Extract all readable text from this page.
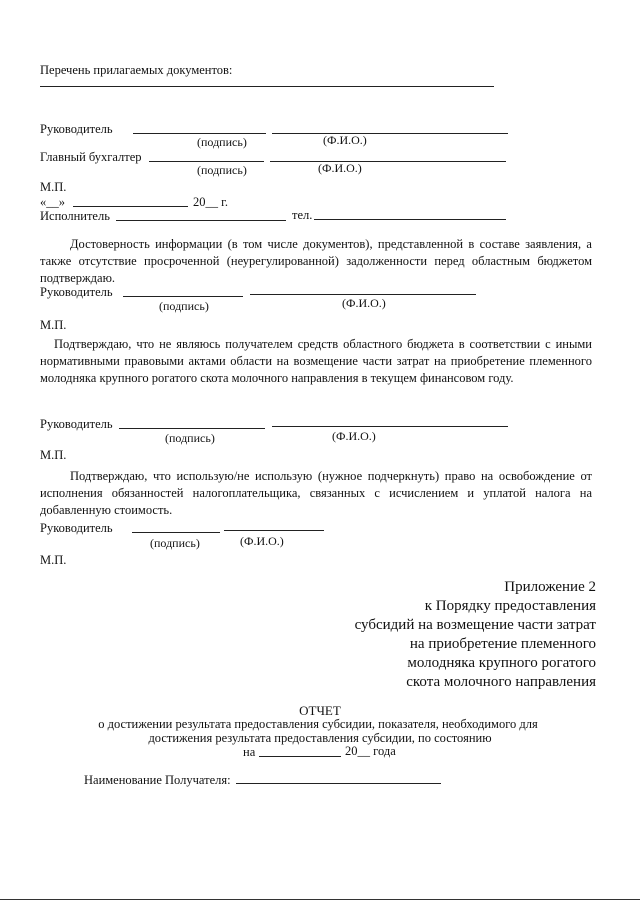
Перечень прилагаемых документов:
Руководитель
(подпись)	(Ф.И.О.)
Главный бухгалтер
(подпись)	(Ф.И.О.)
М.П.
«__»	20__ г.
Исполнитель	тел.
Достоверность информации (в том числе документов), представленной в составе заявления, а также отсутствие просроченной (неурегулированной) задолженности перед областным бюджетом подтверждаю.
Руководитель
(подпись)	(Ф.И.О.)
М.П.
Подтверждаю, что не являюсь получателем средств областного бюджета в соответствии с иными нормативными правовыми актами области на возмещение части затрат на приобретение племенного молодняка крупного рогатого скота молочного направления в текущем финансовом году.
Руководитель
(подпись)	(Ф.И.О.)
М.П.
Подтверждаю, что использую/не использую (нужное подчеркнуть) право на освобождение от исполнения обязанностей налогоплательщика, связанных с исчислением и уплатой налога на добавленную стоимость.
Руководитель
(подпись)	(Ф.И.О.)
М.П.
Приложение 2
к Порядку предоставления
субсидий на возмещение части затрат
на приобретение племенного
молодняка крупного рогатого
скота молочного направления
ОТЧЕТ
о достижении результата предоставления субсидии, показателя, необходимого для
достижения результата предоставления субсидии, по состоянию
на	20__ года
Наименование Получателя:
